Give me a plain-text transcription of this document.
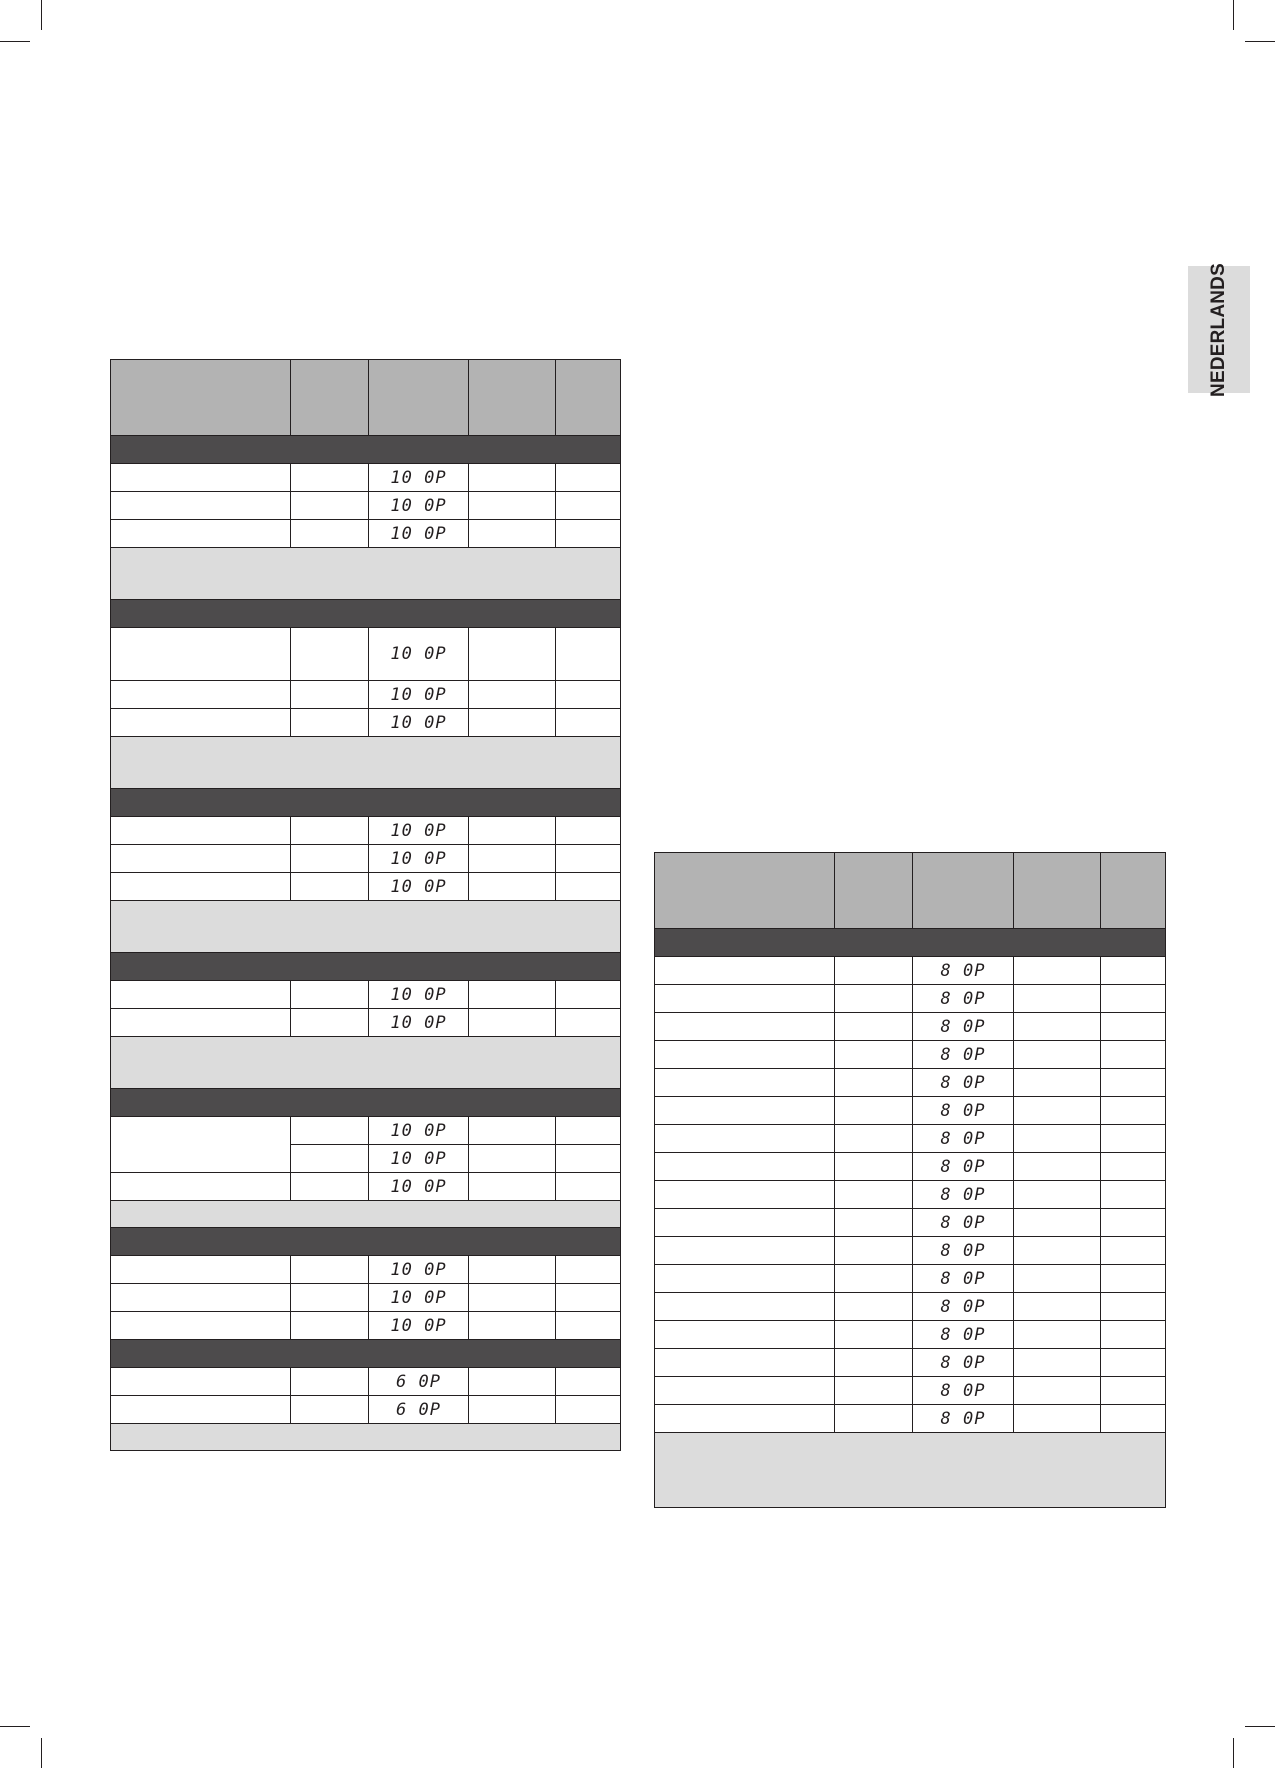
NEDERLANDS

		10 0P		
		10 0P		
		10 0P		

		10 0P		
		10 0P		
		10 0P		

		10 0P		
		10 0P		
		10 0P		

		10 0P		
		10 0P		

		10 0P		
		10 0P		
		10 0P		

		10 0P		
		10 0P		
		10 0P		

		6 0P		
		6 0P		

		8 0P		
		8 0P		
		8 0P		
		8 0P		
		8 0P		
		8 0P		
		8 0P		
		8 0P		
		8 0P		
		8 0P		
		8 0P		
		8 0P		
		8 0P		
		8 0P		
		8 0P		
		8 0P		
		8 0P		
